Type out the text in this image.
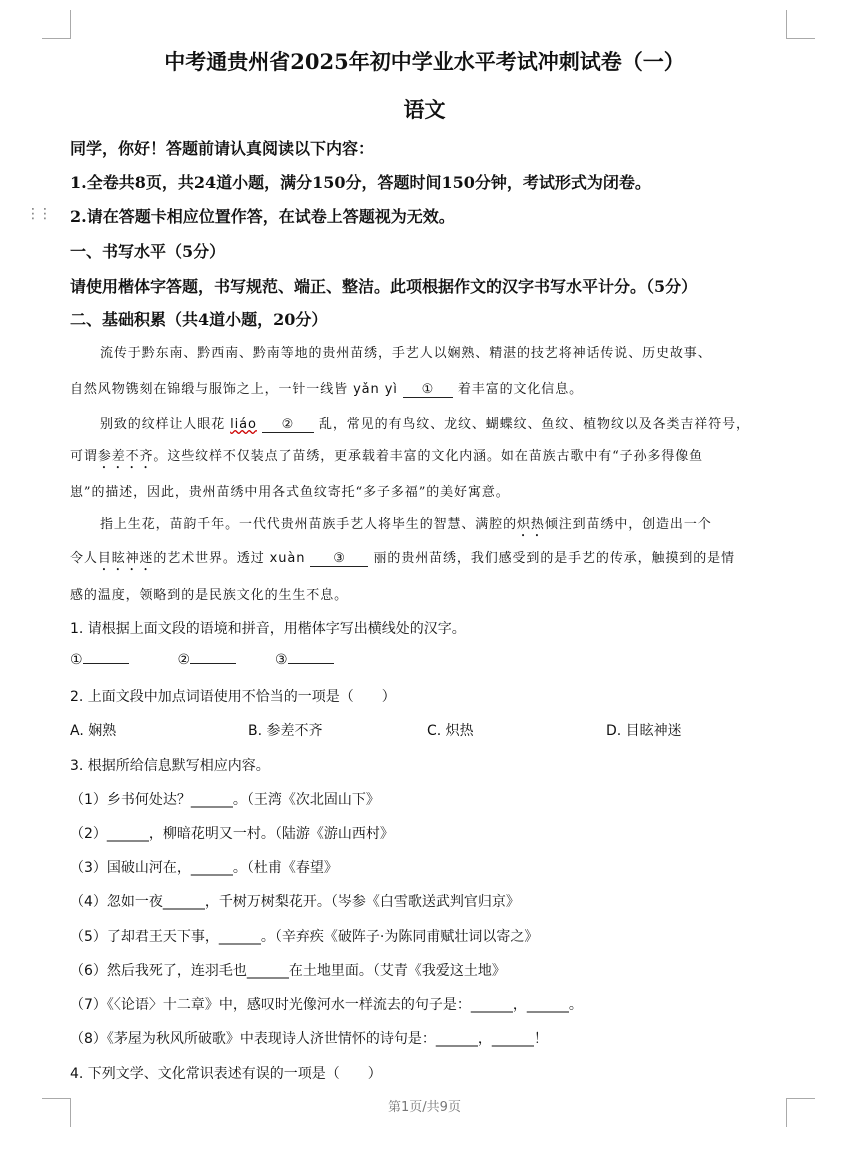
⋮⋮
中考通贵州省2025年初中学业水平考试冲刺试卷（一）
语文
同学，你好！答题前请认真阅读以下内容：
1.全卷共8页，共24道小题，满分150分，答题时间150分钟，考试形式为闭卷。
2.请在答题卡相应位置作答，在试卷上答题视为无效。
一、书写水平（5分）
请使用楷体字答题，书写规范、端正、整洁。此项根据作文的汉字书写水平计分。（5分）
二、基础积累（共4道小题，20分）
流传于黔东南、黔西南、黔南等地的贵州苗绣，手艺人以娴熟、精湛的技艺将神话传说、历史故事、
自然风物镌刻在锦缎与服饰之上，一针一线皆 yǎn yì ① 着丰富的文化信息。
别致的纹样让人眼花 liáo ② 乱，常见的有鸟纹、龙纹、蝴蝶纹、鱼纹、植物纹以及各类吉祥符号，
可谓参差不齐。这些纹样不仅装点了苗绣，更承载着丰富的文化内涵。如在苗族古歌中有“子孙多得像鱼
崽”的描述，因此，贵州苗绣中用各式鱼纹寄托“多子多福”的美好寓意。
指上生花，苗韵千年。一代代贵州苗族手艺人将毕生的智慧、满腔的炽热倾注到苗绣中，创造出一个
令人目眩神迷的艺术世界。透过 xuàn ③ 丽的贵州苗绣，我们感受到的是手艺的传承，触摸到的是情
感的温度，领略到的是民族文化的生生不息。
1. 请根据上面文段的语境和拼音，用楷体字写出横线处的汉字。
①	②	③
2. 上面文段中加点词语使用不恰当的一项是（　　）
A. 娴熟	B. 参差不齐	C. 炽热	D. 目眩神迷
3. 根据所给信息默写相应内容。
（1）乡书何处达？______。（王湾《次北固山下》
（2）______，柳暗花明又一村。（陆游《游山西村》
（3）国破山河在，______。（杜甫《春望》
（4）忽如一夜______，千树万树梨花开。（岑参《白雪歌送武判官归京》
（5）了却君王天下事，______。（辛弃疾《破阵子·为陈同甫赋壮词以寄之》
（6）然后我死了，连羽毛也______在土地里面。（艾青《我爱这土地》
（7）《〈论语〉十二章》中，感叹时光像河水一样流去的句子是：______，______。
（8）《茅屋为秋风所破歌》中表现诗人济世情怀的诗句是：______，______！
4. 下列文学、文化常识表述有误的一项是（　　）
第1页/共9页
